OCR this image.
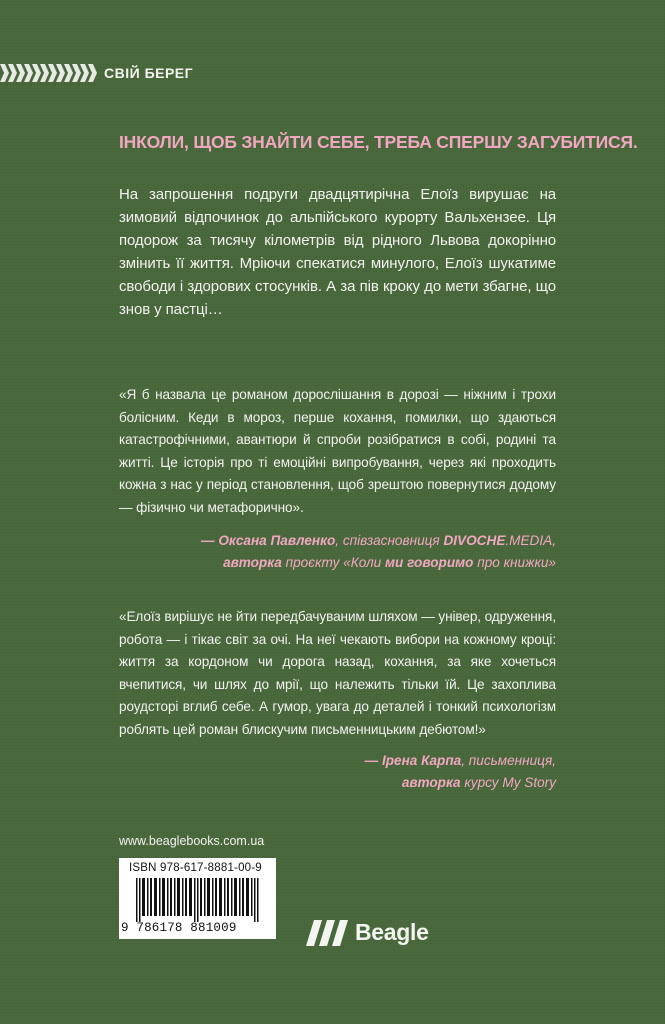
СВІЙ БЕРЕГ
ІНКОЛИ, ЩОБ ЗНАЙТИ СЕБЕ, ТРЕБА СПЕРШУ ЗАГУБИТИСЯ.
На запрошення подруги двадцятирічна Елоїз вирушає на зимовий відпочинок до альпійського курорту Вальхензее. Ця подорож за тисячу кілометрів від рідного Львова докорінно змінить її життя. Мріючи спекатися минулого, Елоїз шукатиме свободи і здорових стосунків. А за пів кроку до мети збагне, що знов у пастці…
«Я б назвала це романом дорослішання в дорозі — ніжним і трохи болісним. Кеди в мороз, перше кохання, помилки, що здаються катастрофічними, авантюри й спроби розібратися в собі, родині та житті. Це історія про ті емоційні випробування, через які проходить кожна з нас у період становлення, щоб зрештою повернутися додому — фізично чи метафорично».
— Оксана Павленко, співзасновниця DIVOCHE.MEDIA,
авторка проєкту «Коли ми говоримо про книжки»
«Елоїз вирішує не йти передбачуваним шляхом — універ, одруження, робота — і тікає світ за очі. На неї чекають вибори на кожному кроці: життя за кордоном чи дорога назад, кохання, за яке хочеться вчепитися, чи шлях до мрії, що належить тільки їй. Це захоплива роудсторі вглиб себе. А гумор, увага до деталей і тонкий психологізм роблять цей роман блискучим письменницьким дебютом!»
— Ірена Карпа, письменниця,
авторка курсу My Story
www.beaglebooks.com.ua
ISBN 978-617-8881-00-9
9 786178 881009	Beagle
